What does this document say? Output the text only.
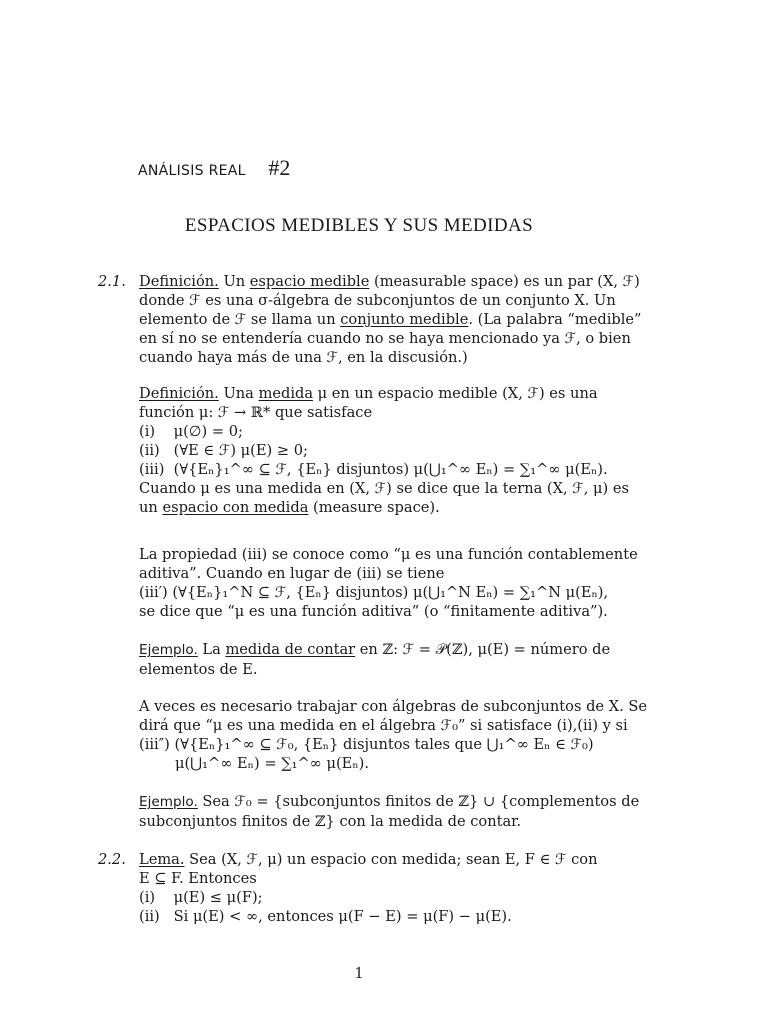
ANÁLISIS REAL #2
ESPACIOS MEDIBLES Y SUS MEDIDAS
2.1. Definición. Un espacio medible (measurable space) es un par (X, ℱ)
donde ℱ es una σ-álgebra de subconjuntos de un conjunto X. Un
elemento de ℱ se llama un conjunto medible. (La palabra “medible”
en sí no se entendería cuando no se haya mencionado ya ℱ, o bien
cuando haya más de una ℱ, en la discusión.)
Definición. Una medida μ en un espacio medible (X, ℱ) es una
función μ: ℱ → ℝ* que satisface
(i)    μ(∅) = 0;
(ii)   (∀E ∈ ℱ) μ(E) ≥ 0;
(iii)  (∀{Eₙ}₁^∞ ⊆ ℱ, {Eₙ} disjuntos) μ(⋃₁^∞ Eₙ) = ∑₁^∞ μ(Eₙ).
Cuando μ es una medida en (X, ℱ) se dice que la terna (X, ℱ, μ) es
un espacio con medida (measure space).
La propiedad (iii) se conoce como “μ es una función contablemente
aditiva”. Cuando en lugar de (iii) se tiene
(iii′) (∀{Eₙ}₁^N ⊆ ℱ, {Eₙ} disjuntos) μ(⋃₁^N Eₙ) = ∑₁^N μ(Eₙ),
se dice que “μ es una función aditiva” (o “finitamente aditiva”).
Ejemplo. La medida de contar en ℤ: ℱ = 𝒫(ℤ), μ(E) = número de
elementos de E.
A veces es necesario trabajar con álgebras de subconjuntos de X. Se
dirá que “μ es una medida en el álgebra ℱ₀” si satisface (i),(ii) y si
(iii″) (∀{Eₙ}₁^∞ ⊆ ℱ₀, {Eₙ} disjuntos tales que ⋃₁^∞ Eₙ ∈ ℱ₀)
μ(⋃₁^∞ Eₙ) = ∑₁^∞ μ(Eₙ).
Ejemplo. Sea ℱ₀ = {subconjuntos finitos de ℤ} ∪ {complementos de
subconjuntos finitos de ℤ} con la medida de contar.
2.2. Lema. Sea (X, ℱ, μ) un espacio con medida; sean E, F ∈ ℱ con
E ⊆ F. Entonces
(i)    μ(E) ≤ μ(F);
(ii)   Si μ(E) < ∞, entonces μ(F − E) = μ(F) − μ(E).
1
